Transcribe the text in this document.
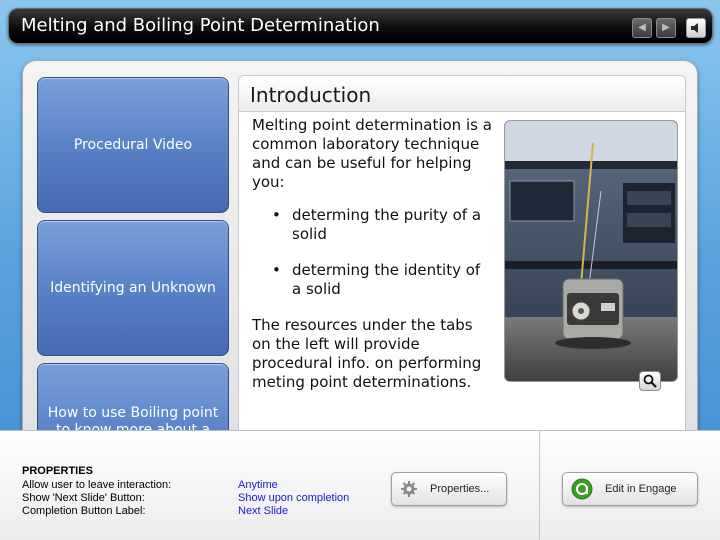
Melting and Boiling Point Determination	◀ ▶
Procedural Video
Identifying an Unknown
How to use Boiling point
Introduction

Melting point determination is a common laboratory technique and can be useful for helping you:

• determing the purity of a solid
• determing the identity of a solid

The resources under the tabs on the left will provide procedural info. on performing meting point determinations.

PROPERTIES
Allow user to leave interaction:	Anytime
Show 'Next Slide' Button:	Show upon completion
Completion Button Label:	Next Slide
Properties...	Edit in Engage
